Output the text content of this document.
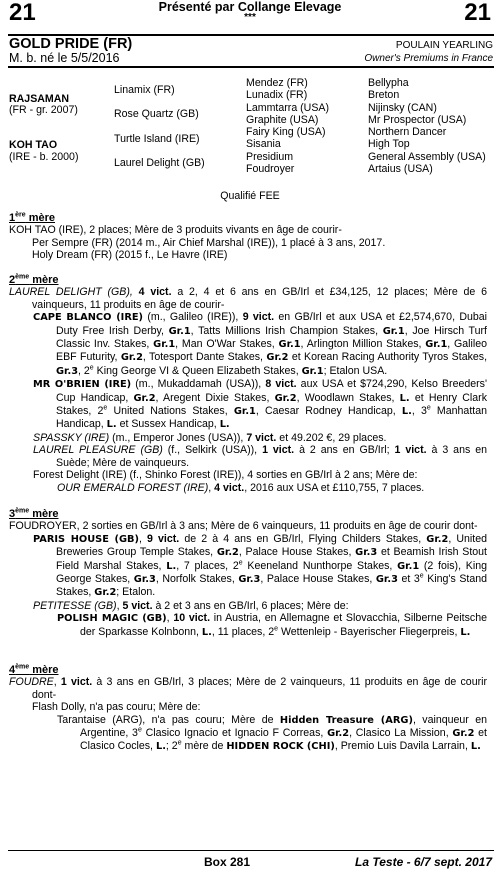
21	21
Présenté par Collange Elevage
***
GOLD PRIDE (FR)
M. b. né le 5/5/2016
POULAIN YEARLING
Owner's Premiums in France
RAJSAMAN
(FR - gr. 2007)
KOH TAO
(IRE - b. 2000)
Linamix (FR)
Rose Quartz (GB)
Turtle Island (IRE)
Laurel Delight (GB)
Mendez (FR)
Lunadix (FR)
Lammtarra (USA)
Graphite (USA)
Fairy King (USA)
Sisania
Presidium
Foudroyer
Bellypha
Breton
Nijinsky (CAN)
Mr Prospector (USA)
Northern Dancer
High Top
General Assembly (USA)
Artaius (USA)
Qualifié FEE
1ère mère
KOH TAO (IRE), 2 places; Mère de 3 produits vivants en âge de courir-
Per Sempre (FR) (2014 m., Air Chief Marshal (IRE)), 1 placé à 3 ans, 2017.
Holy Dream (FR) (2015 f., Le Havre (IRE)
2ème mère
LAUREL DELIGHT (GB), 4 vict. a 2, 4 et 6 ans en GB/Irl et £34,125, 12 places; Mère de 6 vainqueurs, 11 produits en âge de courir-
CAPE BLANCO (IRE) (m., Galileo (IRE)), 9 vict. en GB/Irl et aux USA et £2,574,670, Dubai Duty Free Irish Derby, Gr.1, Tatts Millions Irish Champion Stakes, Gr.1, Joe Hirsch Turf Classic Inv. Stakes, Gr.1, Man O'War Stakes, Gr.1, Arlington Million Stakes, Gr.1, Galileo EBF Futurity, Gr.2, Totesport Dante Stakes, Gr.2 et Korean Racing Authority Tyros Stakes, Gr.3, 2e King George VI & Queen Elizabeth Stakes, Gr.1; Etalon USA.
MR O'BRIEN (IRE) (m., Mukaddamah (USA)), 8 vict. aux USA et $724,290, Kelso Breeders' Cup Handicap, Gr.2, Aregent Dixie Stakes, Gr.2, Woodlawn Stakes, L. et Henry Clark Stakes, 2e United Nations Stakes, Gr.1, Caesar Rodney Handicap, L., 3e Manhattan Handicap, L. et Sussex Handicap, L.
SPASSKY (IRE) (m., Emperor Jones (USA)), 7 vict. et 49.202 €, 29 places.
LAUREL PLEASURE (GB) (f., Selkirk (USA)), 1 vict. à 2 ans en GB/Irl; 1 vict. à 3 ans en Suède; Mère de vainqueurs.
Forest Delight (IRE) (f., Shinko Forest (IRE)), 4 sorties en GB/Irl à 2 ans; Mère de:
OUR EMERALD FOREST (IRE), 4 vict., 2016 aux USA et £110,755, 7 places.
3ème mère
FOUDROYER, 2 sorties en GB/Irl à 3 ans; Mère de 6 vainqueurs, 11 produits en âge de courir dont-
PARIS HOUSE (GB), 9 vict. de 2 à 4 ans en GB/Irl, Flying Childers Stakes, Gr.2, United Breweries Group Temple Stakes, Gr.2, Palace House Stakes, Gr.3 et Beamish Irish Stout Field Marshal Stakes, L., 7 places, 2e Keeneland Nunthorpe Stakes, Gr.1 (2 fois), King George Stakes, Gr.3, Norfolk Stakes, Gr.3, Palace House Stakes, Gr.3 et 3e King's Stand Stakes, Gr.2; Etalon.
PETITESSE (GB), 5 vict. à 2 et 3 ans en GB/Irl, 6 places; Mère de:
POLISH MAGIC (GB), 10 vict. in Austria, en Allemagne et Slovacchia, Silberne Peitsche der Sparkasse Kolnbonn, L., 11 places, 2e Wettenleip - Bayerischer Fliegerpreis, L.
4ème mère
FOUDRE, 1 vict. à 3 ans en GB/Irl, 3 places; Mère de 2 vainqueurs, 11 produits en âge de courir dont-
Flash Dolly, n'a pas couru; Mère de:
Tarantaise (ARG), n'a pas couru; Mère de Hidden Treasure (ARG), vainqueur en Argentine, 3e Clasico Ignacio et Ignacio F Correas, Gr.2, Clasico La Mission, Gr.2 et Clasico Cocles, L.; 2e mère de HIDDEN ROCK (CHI), Premio Luis Davila Larrain, L.
Box 281	La Teste - 6/7 sept. 2017
